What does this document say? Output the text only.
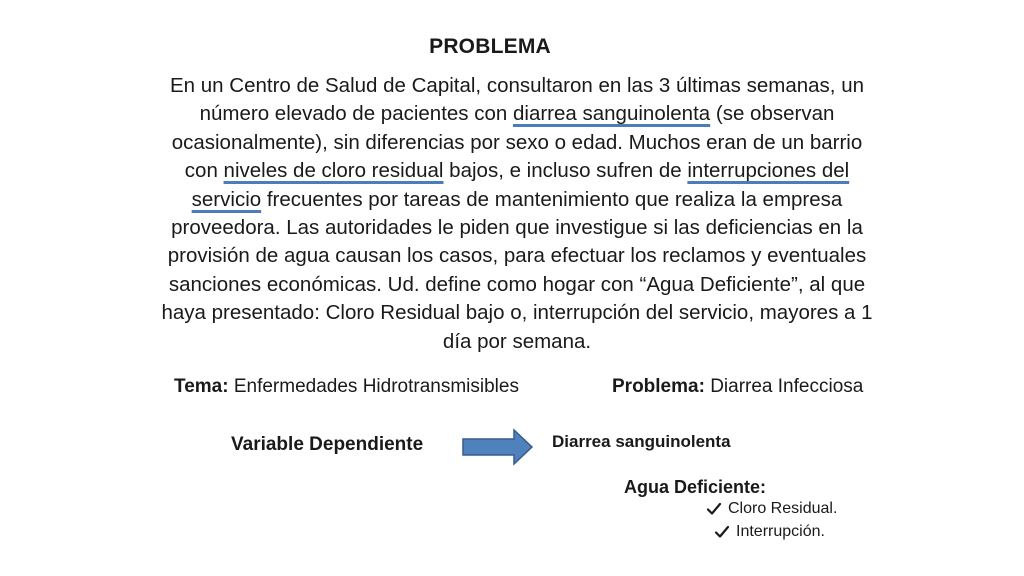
PROBLEMA
En un Centro de Salud de Capital, consultaron en las 3 últimas semanas, un número elevado de pacientes con diarrea sanguinolenta (se observan ocasionalmente), sin diferencias por sexo o edad. Muchos eran de un barrio con niveles de cloro residual bajos, e incluso sufren de interrupciones del servicio frecuentes por tareas de mantenimiento que realiza la empresa proveedora. Las autoridades le piden que investigue si las deficiencias en la provisión de agua causan los casos, para efectuar los reclamos y eventuales sanciones económicas. Ud. define como hogar con “Agua Deficiente”, al que haya presentado: Cloro Residual bajo o, interrupción del servicio, mayores a 1 día por semana.
Tema: Enfermedades Hidrotransmisibles	Problema: Diarrea Infecciosa
Variable Dependiente	Diarrea sanguinolenta
Agua Deficiente:
Cloro Residual.
Interrupción.
